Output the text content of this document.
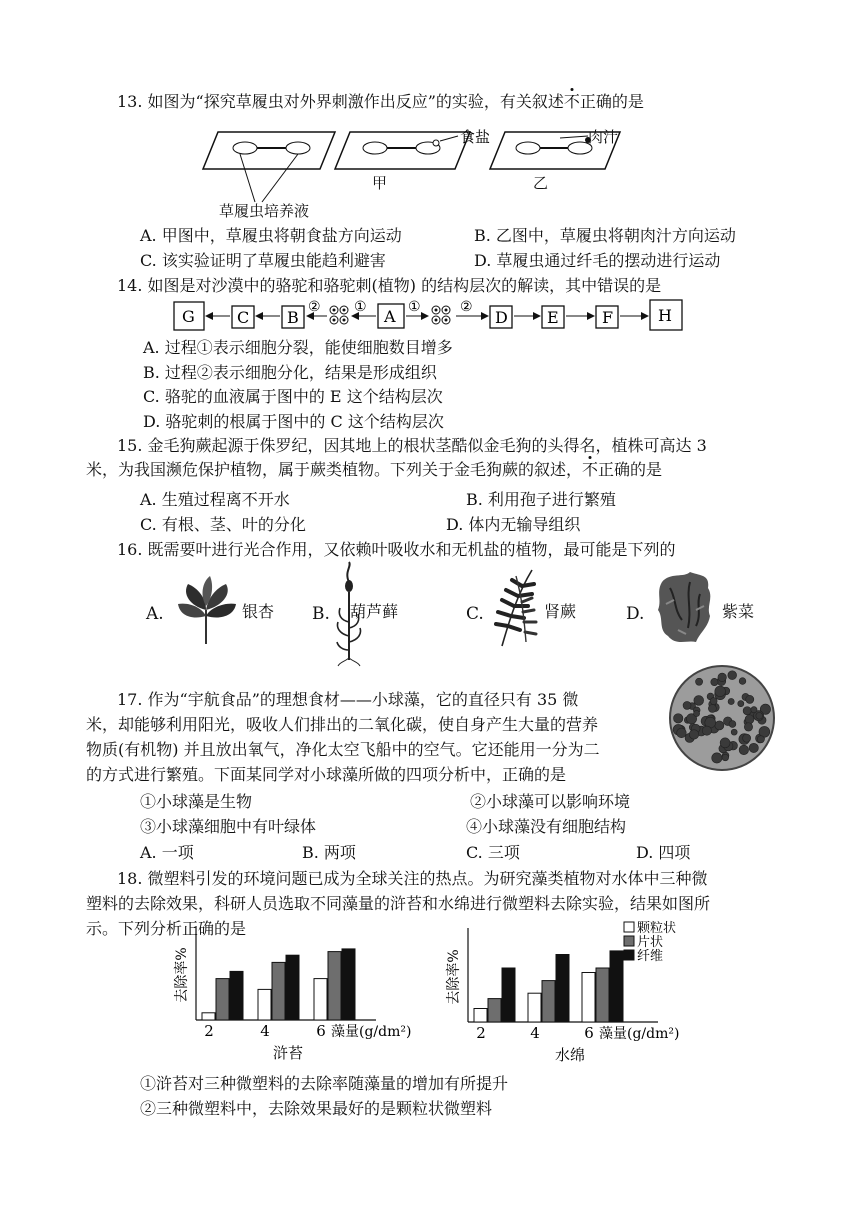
13. 如图为“探究草履虫对外界刺激作出反应”的实验，有关叙述不正确的是
食盐	肉汁
甲	乙
草履虫培养液
A. 甲图中，草履虫将朝食盐方向运动	B. 乙图中，草履虫将朝肉汁方向运动
C. 该实验证明了草履虫能趋利避害	D. 草履虫通过纤毛的摆动进行运动
14. 如图是对沙漠中的骆驼和骆驼刺(植物) 的结构层次的解读，其中错误的是
G	C B
② ① A ①	②
D E	F	H
A. 过程①表示细胞分裂，能使细胞数目增多
B. 过程②表示细胞分化，结果是形成组织
C. 骆驼的血液属于图中的 E 这个结构层次
D. 骆驼刺的根属于图中的 C 这个结构层次
15. 金毛狗蕨起源于侏罗纪，因其地上的根状茎酷似金毛狗的头得名，植株可高达 3
米，为我国濒危保护植物，属于蕨类植物。下列关于金毛狗蕨的叙述，不正确的是
A. 生殖过程离不开水	B. 利用孢子进行繁殖
C. 有根、茎、叶的分化	D. 体内无输导组织
16. 既需要叶进行光合作用，又依赖叶吸收水和无机盐的植物，最可能是下列的
A.	银杏 B. 葫芦藓	C.	肾蕨	D.	紫菜
17. 作为“宇航食品”的理想食材——小球藻，它的直径只有 35 微
米，却能够利用阳光，吸收人们排出的二氧化碳，使自身产生大量的营养
物质(有机物) 并且放出氧气，净化太空飞船中的空气。它还能用一分为二
的方式进行繁殖。下面某同学对小球藻所做的四项分析中，正确的是
①小球藻是生物	②小球藻可以影响环境
③小球藻细胞中有叶绿体	④小球藻没有细胞结构
A. 一项	B. 两项	C. 三项	D. 四项
18. 微塑料引发的环境问题已成为全球关注的热点。为研究藻类植物对水体中三种微
塑料的去除效果，科研人员选取不同藻量的浒苔和水绵进行微塑料去除实验，结果如图所
示。下列分析正确的是
去除率%
2	4	6 藻量(g/dm²)
浒苔
去除率%
2	4	6 藻量(g/dm²)
水绵
颗粒状
片状
纤维
①浒苔对三种微塑料的去除率随藻量的增加有所提升
②三种微塑料中，去除效果最好的是颗粒状微塑料
